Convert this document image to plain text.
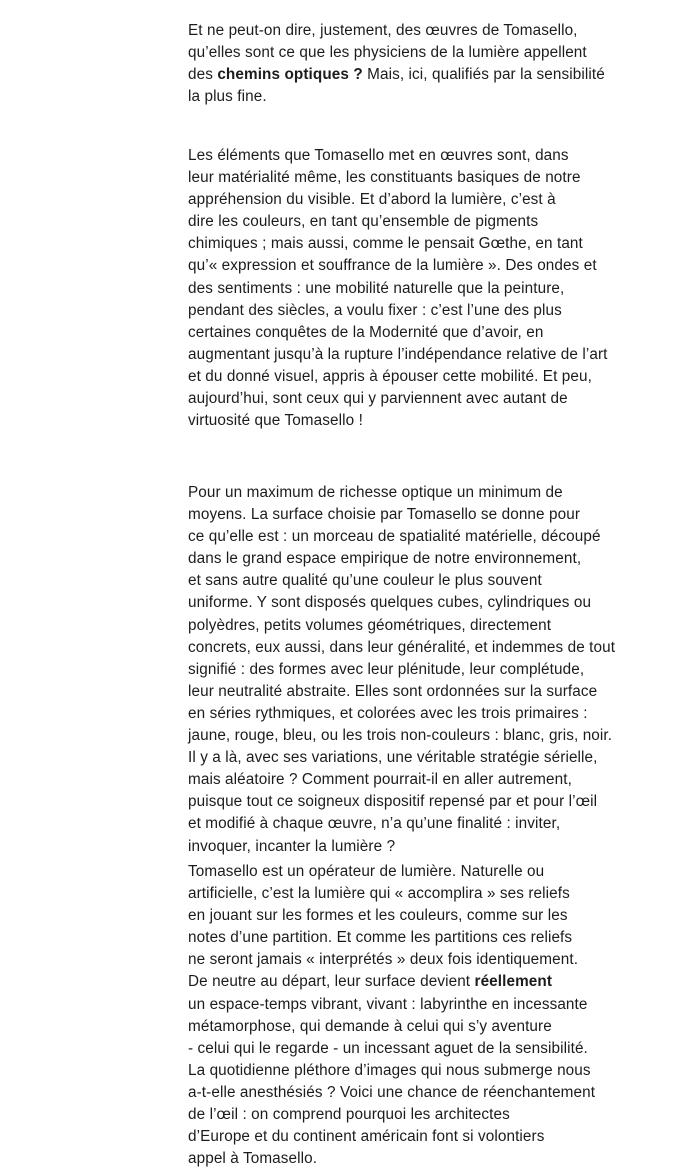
Et ne peut-on dire, justement, des œuvres de Tomasello,
qu’elles sont ce que les physiciens de la lumière appellent
des chemins optiques ? Mais, ici, qualifiés par la sensibilité
la plus fine.
Les éléments que Tomasello met en œuvres sont, dans
leur matérialité même, les constituants basiques de notre
appréhension du visible. Et d’abord la lumière, c’est à
dire les couleurs, en tant qu’ensemble de pigments
chimiques ; mais aussi, comme le pensait Gœthe, en tant
qu’« expression et souffrance de la lumière ». Des ondes et
des sentiments : une mobilité naturelle que la peinture,
pendant des siècles, a voulu fixer : c’est l’une des plus
certaines conquêtes de la Modernité que d’avoir, en
augmentant jusqu’à la rupture l’indépendance relative de l’art
et du donné visuel, appris à épouser cette mobilité. Et peu,
aujourd’hui, sont ceux qui y parviennent avec autant de
virtuosité que Tomasello !
Pour un maximum de richesse optique un minimum de
moyens. La surface choisie par Tomasello se donne pour
ce qu’elle est : un morceau de spatialité matérielle, découpé
dans le grand espace empirique de notre environnement,
et sans autre qualité qu’une couleur le plus souvent
uniforme. Y sont disposés quelques cubes, cylindriques ou
polyèdres, petits volumes géométriques, directement
concrets, eux aussi, dans leur généralité, et indemmes de tout
signifié : des formes avec leur plénitude, leur complétude,
leur neutralité abstraite. Elles sont ordonnées sur la surface
en séries rythmiques, et colorées avec les trois primaires :
jaune, rouge, bleu, ou les trois non-couleurs : blanc, gris, noir.
Il y a là, avec ses variations, une véritable stratégie sérielle,
mais aléatoire ? Comment pourrait-il en aller autrement,
puisque tout ce soigneux dispositif repensé par et pour l’œil
et modifié à chaque œuvre, n’a qu’une finalité : inviter,
invoquer, incanter la lumière ?
Tomasello est un opérateur de lumière. Naturelle ou
artificielle, c’est la lumière qui « accomplira » ses reliefs
en jouant sur les formes et les couleurs, comme sur les
notes d’une partition. Et comme les partitions ces reliefs
ne seront jamais « interprétés » deux fois identiquement.
De neutre au départ, leur surface devient réellement
un espace-temps vibrant, vivant : labyrinthe en incessante
métamorphose, qui demande à celui qui s’y aventure
- celui qui le regarde - un incessant aguet de la sensibilité.
La quotidienne pléthore d’images qui nous submerge nous
a-t-elle anesthésiés ? Voici une chance de réenchantement
de l’œil : on comprend pourquoi les architectes
d’Europe et du continent américain font si volontiers
appel à Tomasello.
